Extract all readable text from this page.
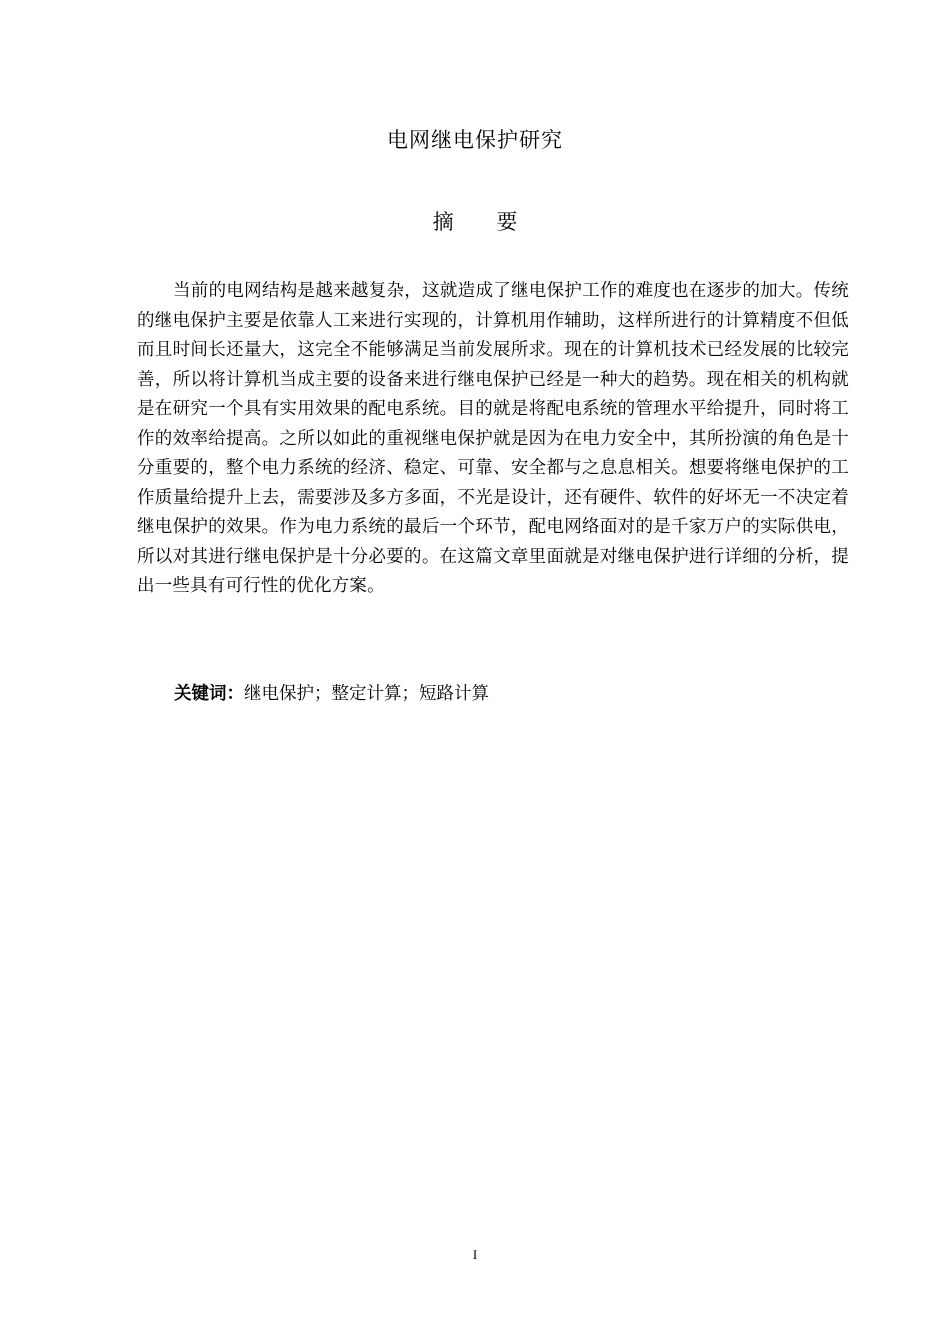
电网继电保护研究
摘 要

当前的电网结构是越来越复杂，这就造成了继电保护工作的难度也在逐步的加大。传统的继电保护主要是依靠人工来进行实现的，计算机用作辅助，这样所进行的计算精度不但低而且时间长还量大，这完全不能够满足当前发展所求。现在的计算机技术已经发展的比较完善，所以将计算机当成主要的设备来进行继电保护已经是一种大的趋势。现在相关的机构就是在研究一个具有实用效果的配电系统。目的就是将配电系统的管理水平给提升，同时将工作的效率给提高。之所以如此的重视继电保护就是因为在电力安全中，其所扮演的角色是十分重要的，整个电力系统的经济、稳定、可靠、安全都与之息息相关。想要将继电保护的工作质量给提升上去，需要涉及多方多面，不光是设计，还有硬件、软件的好坏无一不决定着继电保护的效果。作为电力系统的最后一个环节，配电网络面对的是千家万户的实际供电，所以对其进行继电保护是十分必要的。在这篇文章里面就是对继电保护进行详细的分析，提出一些具有可行性的优化方案。

关键词：继电保护；整定计算；短路计算
I
